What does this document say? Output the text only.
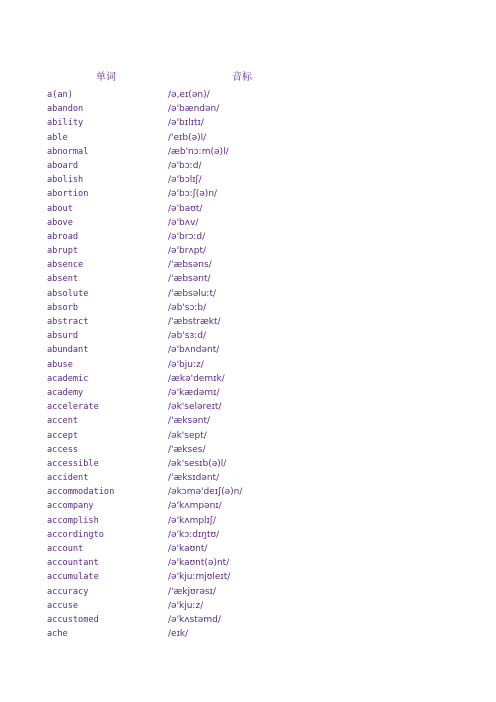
单词	音标
a(an)	/ə,eɪ(ən)/
abandon	/ə'bændən/
ability	/ə'bɪlɪtɪ/
able	/'eɪb(ə)l/
abnormal	/æb'nɔːm(ə)l/
aboard	/ə'bɔːd/
abolish	/ə'bɔlɪʃ/
abortion	/ə'bɔːʃ(ə)n/
about	/ə'baʊt/
above	/ə'bʌv/
abroad	/ə'brɔːd/
abrupt	/ə'brʌpt/
absence	/'æbsəns/
absent	/'æbsənt/
absolute	/'æbsəluːt/
absorb	/əb'sɔːb/
abstract	/'æbstrækt/
absurd	/əb'sɜːd/
abundant	/ə'bʌndənt/
abuse	/ə'bjuːz/
academic	/ækə'demɪk/
academy	/ə'kædəmɪ/
accelerate	/ək'seləreɪt/
accent	/'æksənt/
accept	/ək'sept/
access	/'ækses/
accessible	/ək'sesɪb(ə)l/
accident	/'æksɪdənt/
accommodation	/əkɔmə'deɪʃ(ə)n/
accompany	/ə'kʌmpənɪ/
accomplish	/ə'kʌmplɪʃ/
accordingto	/ə'kɔːdɪŋtʊ/
account	/ə'kaʊnt/
accountant	/ə'kaʊnt(ə)nt/
accumulate	/ə'kjuːmjʊleɪt/
accuracy	/'ækjʊrəsɪ/
accuse	/ə'kjuːz/
accustomed	/ə'kʌstəmd/
ache	/eɪk/
